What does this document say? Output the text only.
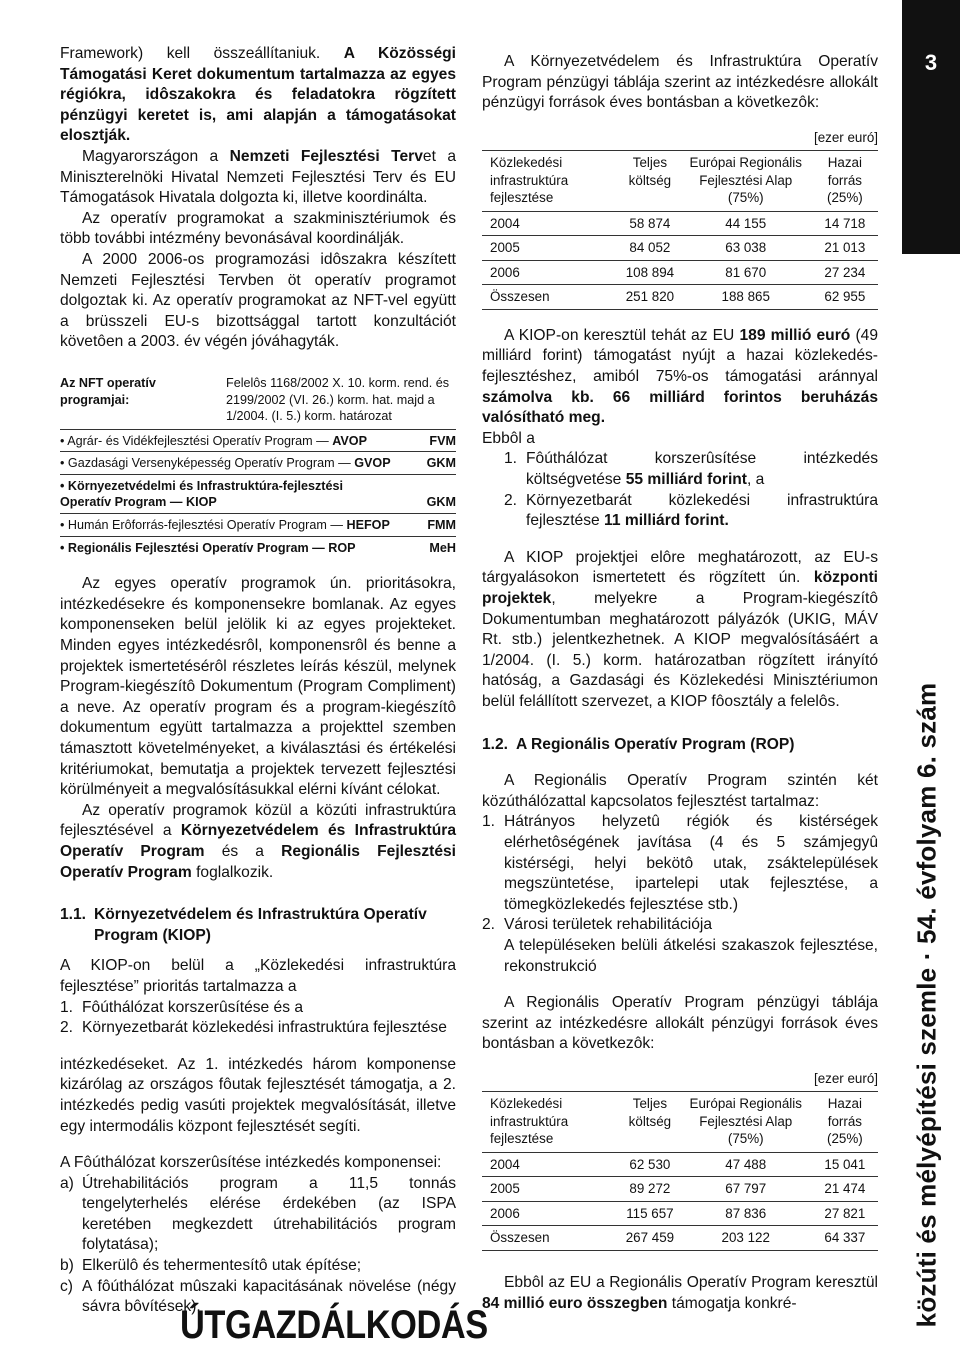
3
közúti és mélyépítési szemle · 54. évfolyam 6. szám

Framework) kell összeállítaniuk. A Közösségi Támogatási Keret dokumentum tartalmazza az egyes régiókra, idôszakokra és feladatokra rögzített pénzügyi keretet is, ami alapján a támogatásokat elosztják.

Magyarországon a Nemzeti Fejlesztési Tervet a Miniszterelnöki Hivatal Nemzeti Fejlesztési Terv és EU Támogatások Hivatala dolgozta ki, illetve koordinálta.

Az operatív programokat a szakminisztériumok és több további intézmény bevonásával koordinálják.

A 2000 2006-os programozási idôszakra készített Nemzeti Fejlesztési Tervben öt operatív programot dolgoztak ki. Az operatív programokat az NFT-vel együtt a brüsszeli EU-s bizottsággal tartott konzultációt követôen a 2003. év végén jóváhagyták.

Az NFT operatív programjai:
Felelôs 1168/2002 X. 10. korm. rend. és 2199/2002 (VI. 26.) korm. hat. majd a 1/2004. (I. 5.) korm. határozat
• Agrár- és Vidékfejlesztési Operatív Program — AVOP	FVM
• Gazdasági Versenyképesség Operatív Program — GVOP	GKM
• Környezetvédelmi és Infrastruktúra-fejlesztési Operatív Program — KIOP	GKM
• Humán Erôforrás-fejlesztési Operatív Program — HEFOP	FMM
• Regionális Fejlesztési Operatív Program — ROP	MeH

Az egyes operatív programok ún. prioritásokra, intézkedésekre és komponensekre bomlanak. Az egyes komponenseken belül jelölik ki az egyes projekteket. Minden egyes intézkedésrôl, komponensrôl és benne a projektek ismertetésérôl részletes leírás készül, melynek Program-kiegészítô Dokumentum (Program Compliment) a neve. Az operatív program és a program-kiegészítô dokumentum együtt tartalmazza a projekttel szemben támasztott követelményeket, a kiválasztási és értékelési kritériumokat, bemutatja a projektek tervezett fejlesztési körülményeit a megvalósításukkal elérni kívánt célokat.

Az operatív programok közül a közúti infrastruktúra fejlesztésével a Környezetvédelem és Infrastruktúra Operatív Program és a Regionális Fejlesztési Operatív Program foglalkozik.

1.1. Környezetvédelem és Infrastruktúra Operatív Program (KIOP)

A KIOP-on belül a „Közlekedési infrastruktúra fejlesztése” prioritás tartalmazza a

1. Fôúthálózat korszerûsítése és a
2. Környezetbarát közlekedési infrastruktúra fejlesztése

intézkedéseket. Az 1. intézkedés három komponense kizárólag az országos fôutak fejlesztését támogatja, a 2. intézkedés pedig vasúti projektek megvalósítását, illetve egy intermodális központ fejlesztését segíti.

A Fôúthálózat korszerûsítése intézkedés komponensei:

a) Útrehabilitációs program a 11,5 tonnás tengelyterhelés elérése érdekében (az ISPA keretében megkezdett útrehabilitációs program folytatása);
b) Elkerülô és tehermentesítô utak építése;
c) A fôúthálózat mûszaki kapacitásának növelése (négy sávra bôvítések).

A Környezetvédelem és Infrastruktúra Operatív Program pénzügyi táblája szerint az intézkedésre allokált pénzügyi források éves bontásban a következôk:

[ezer euró]
Közlekedési infrastruktúra fejlesztése	Teljes költség	Európai Regionális Fejlesztési Alap (75%)	Hazai forrás (25%)
2004	58 874	44 155	14 718
2005	84 052	63 038	21 013
2006	108 894	81 670	27 234
Összesen	251 820	188 865	62 955

A KIOP-on keresztül tehát az EU 189 millió euró (49 milliárd forint) támogatást nyújt a hazai közlekedés-fejlesztéshez, amiból 75%-os támogatási aránnyal számolva kb. 66 milliárd forintos beruházás valósítható meg.

Ebbôl a

1. Fôúthálózat korszerûsítése intézkedés költségvetése 55 milliárd forint, a
2. Környezetbarát közlekedési infrastruktúra fejlesztése 11 milliárd forint.

A KIOP projektjei elôre meghatározott, az EU-s tárgyalásokon ismertetett és rögzített ún. központi projektek, melyekre a Program-kiegészítô Dokumentumban meghatározott pályázók (UKIG, MÁV Rt. stb.) jelentkezhetnek. A KIOP megvalósításáért a 1/2004. (I. 5.) korm. határozatban rögzített irányító hatóság, a Gazdasági és Közlekedési Minisztériumon belül felállított szervezet, a KIOP fôosztály a felelôs.

1.2. A Regionális Operatív Program (ROP)

A Regionális Operatív Program szintén két közúthálózattal kapcsolatos fejlesztést tartalmaz:

1. Hátrányos helyzetû régiók és kistérségek elérhetôségének javítása (4 és 5 számjegyû kistérségi, helyi bekötô utak, zsáktelepülések megszüntetése, ipartelepi utak fejlesztése, a tömegközlekedés fejlesztése stb.)
2. Városi területek rehabilitációja

A településeken belüli átkelési szakaszok fejlesztése, rekonstrukció

A Regionális Operatív Program pénzügyi táblája szerint az intézkedésre allokált pénzügyi források éves bontásban a következôk:

[ezer euró]
Közlekedési infrastruktúra fejlesztése	Teljes költség	Európai Regionális Fejlesztési Alap (75%)	Hazai forrás (25%)
2004	62 530	47 488	15 041
2005	89 272	67 797	21 474
2006	115 657	87 836	27 821
Összesen	267 459	203 122	64 337

Ebbôl az EU a Regionális Operatív Program keresztül 84 millió euro összegben támogatja konkré-

ÚTGAZDÁLKODÁS
